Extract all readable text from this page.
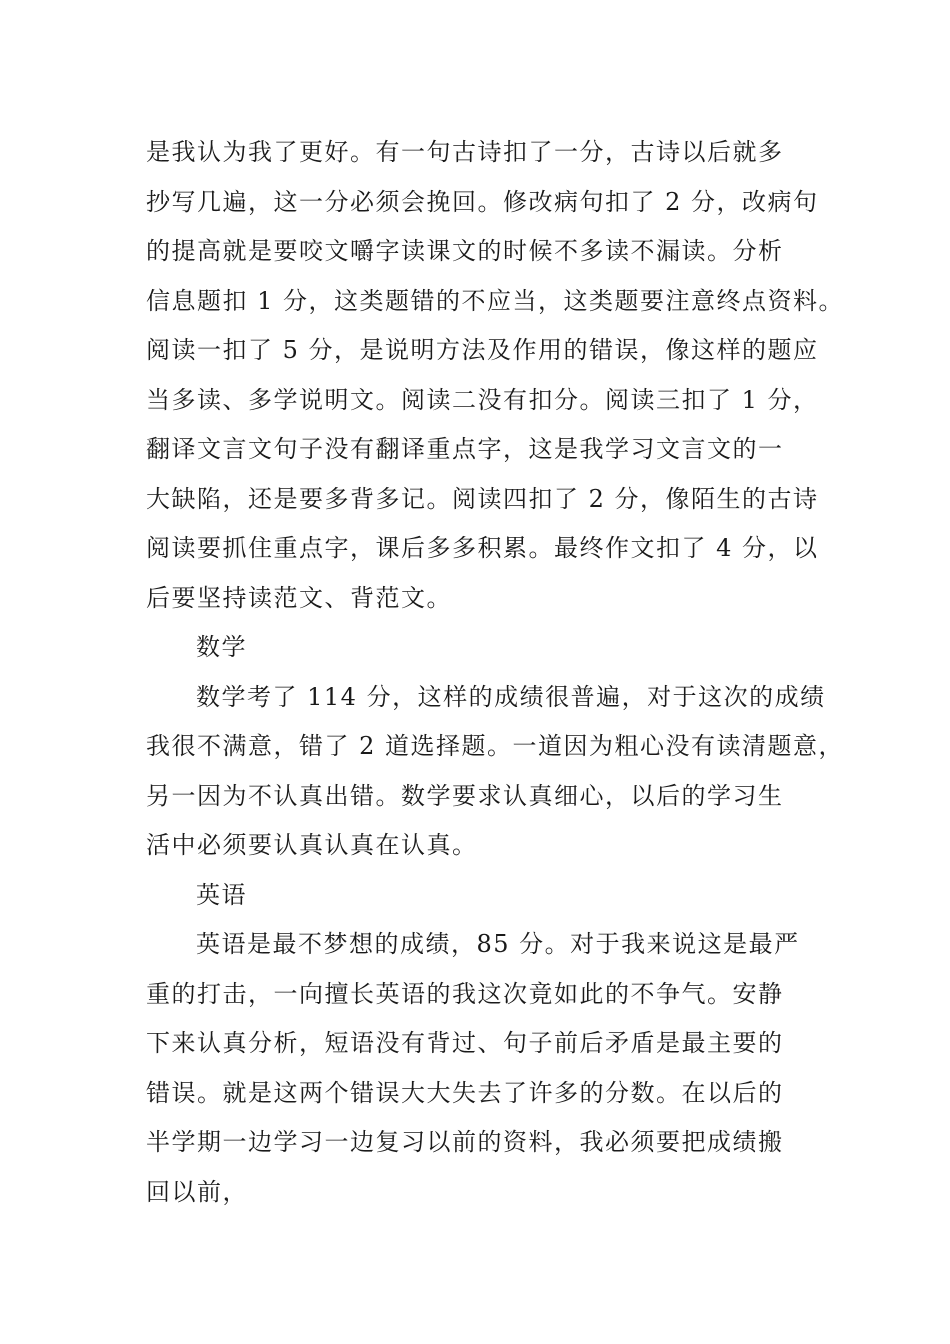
是我认为我了更好。有一句古诗扣了一分，古诗以后就多
抄写几遍，这一分必须会挽回。修改病句扣了 2 分，改病句
的提高就是要咬文嚼字读课文的时候不多读不漏读。分析
信息题扣 1 分，这类题错的不应当，这类题要注意终点资料。
阅读一扣了 5 分，是说明方法及作用的错误，像这样的题应
当多读、多学说明文。阅读二没有扣分。阅读三扣了 1 分，
翻译文言文句子没有翻译重点字，这是我学习文言文的一
大缺陷，还是要多背多记。阅读四扣了 2 分，像陌生的古诗
阅读要抓住重点字，课后多多积累。最终作文扣了 4 分，以
后要坚持读范文、背范文。
数学
数学考了 114 分，这样的成绩很普遍，对于这次的成绩
我很不满意，错了 2 道选择题。一道因为粗心没有读清题意，
另一因为不认真出错。数学要求认真细心，以后的学习生
活中必须要认真认真在认真。
英语
英语是最不梦想的成绩，85 分。对于我来说这是最严
重的打击，一向擅长英语的我这次竟如此的不争气。安静
下来认真分析，短语没有背过、句子前后矛盾是最主要的
错误。就是这两个错误大大失去了许多的分数。在以后的
半学期一边学习一边复习以前的资料，我必须要把成绩搬
回以前，
